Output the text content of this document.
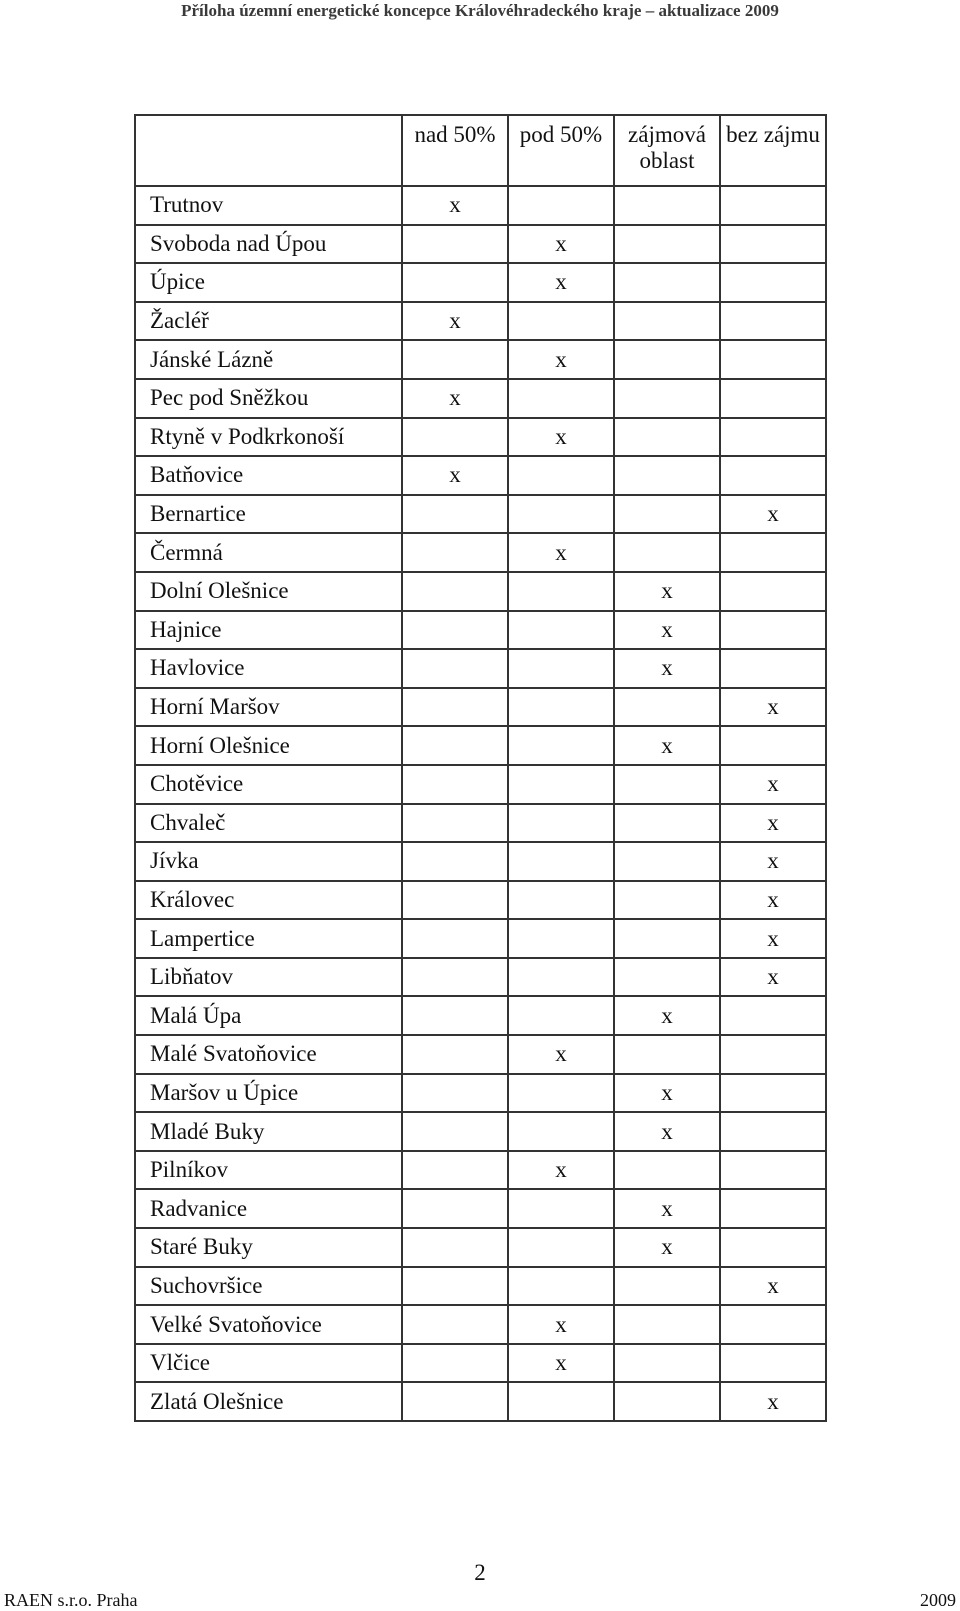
Příloha územní energetické koncepce Královéhradeckého kraje – aktualizace 2009
	nad 50%	pod 50%	zájmová oblast	bez zájmu
Trutnov	x			
Svoboda nad Úpou		x		
Úpice		x		
Žacléř	x			
Jánské Lázně		x		
Pec pod Sněžkou	x			
Rtyně v Podkrkonoší		x		
Batňovice	x			
Bernartice				x
Čermná		x		
Dolní Olešnice			x	
Hajnice			x	
Havlovice			x	
Horní Maršov				x
Horní Olešnice			x	
Chotěvice				x
Chvaleč				x
Jívka				x
Královec				x
Lampertice				x
Libňatov				x
Malá Úpa			x	
Malé Svatoňovice		x		
Maršov u Úpice			x	
Mladé Buky			x	
Pilníkov		x		
Radvanice			x	
Staré Buky			x	
Suchovršice				x
Velké Svatoňovice		x		
Vlčice		x		
Zlatá Olešnice				x
2
RAEN s.r.o. Praha	2009
